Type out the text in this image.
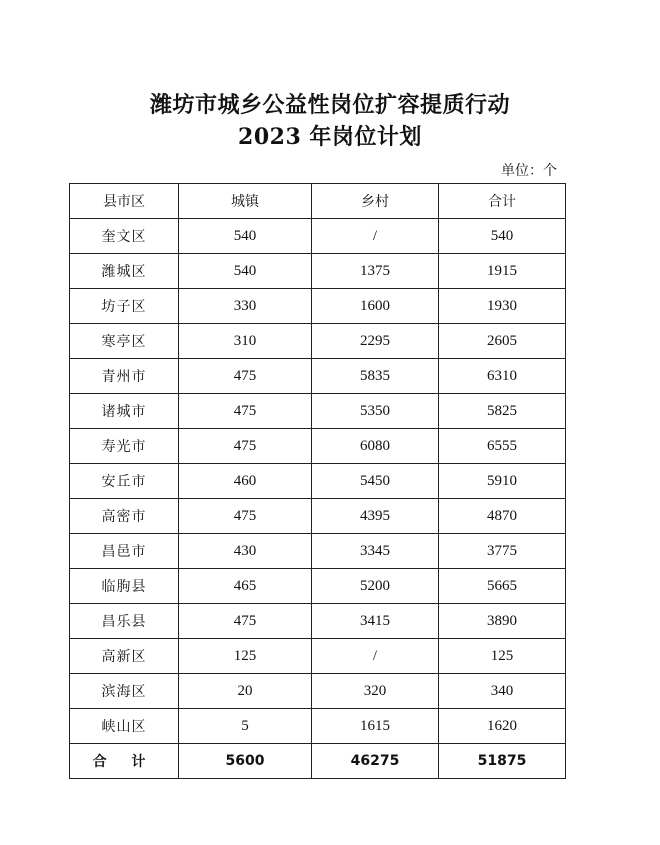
潍坊市城乡公益性岗位扩容提质行动
2023 年岗位计划
单位：个
县市区	城镇	乡村	合计
奎文区	540	/	540
潍城区	540	1375	1915
坊子区	330	1600	1930
寒亭区	310	2295	2605
青州市	475	5835	6310
诸城市	475	5350	5825
寿光市	475	6080	6555
安丘市	460	5450	5910
高密市	475	4395	4870
昌邑市	430	3345	3775
临朐县	465	5200	5665
昌乐县	475	3415	3890
高新区	125	/	125
滨海区	20	320	340
峡山区	5	1615	1620
合 计	5600	46275	51875
